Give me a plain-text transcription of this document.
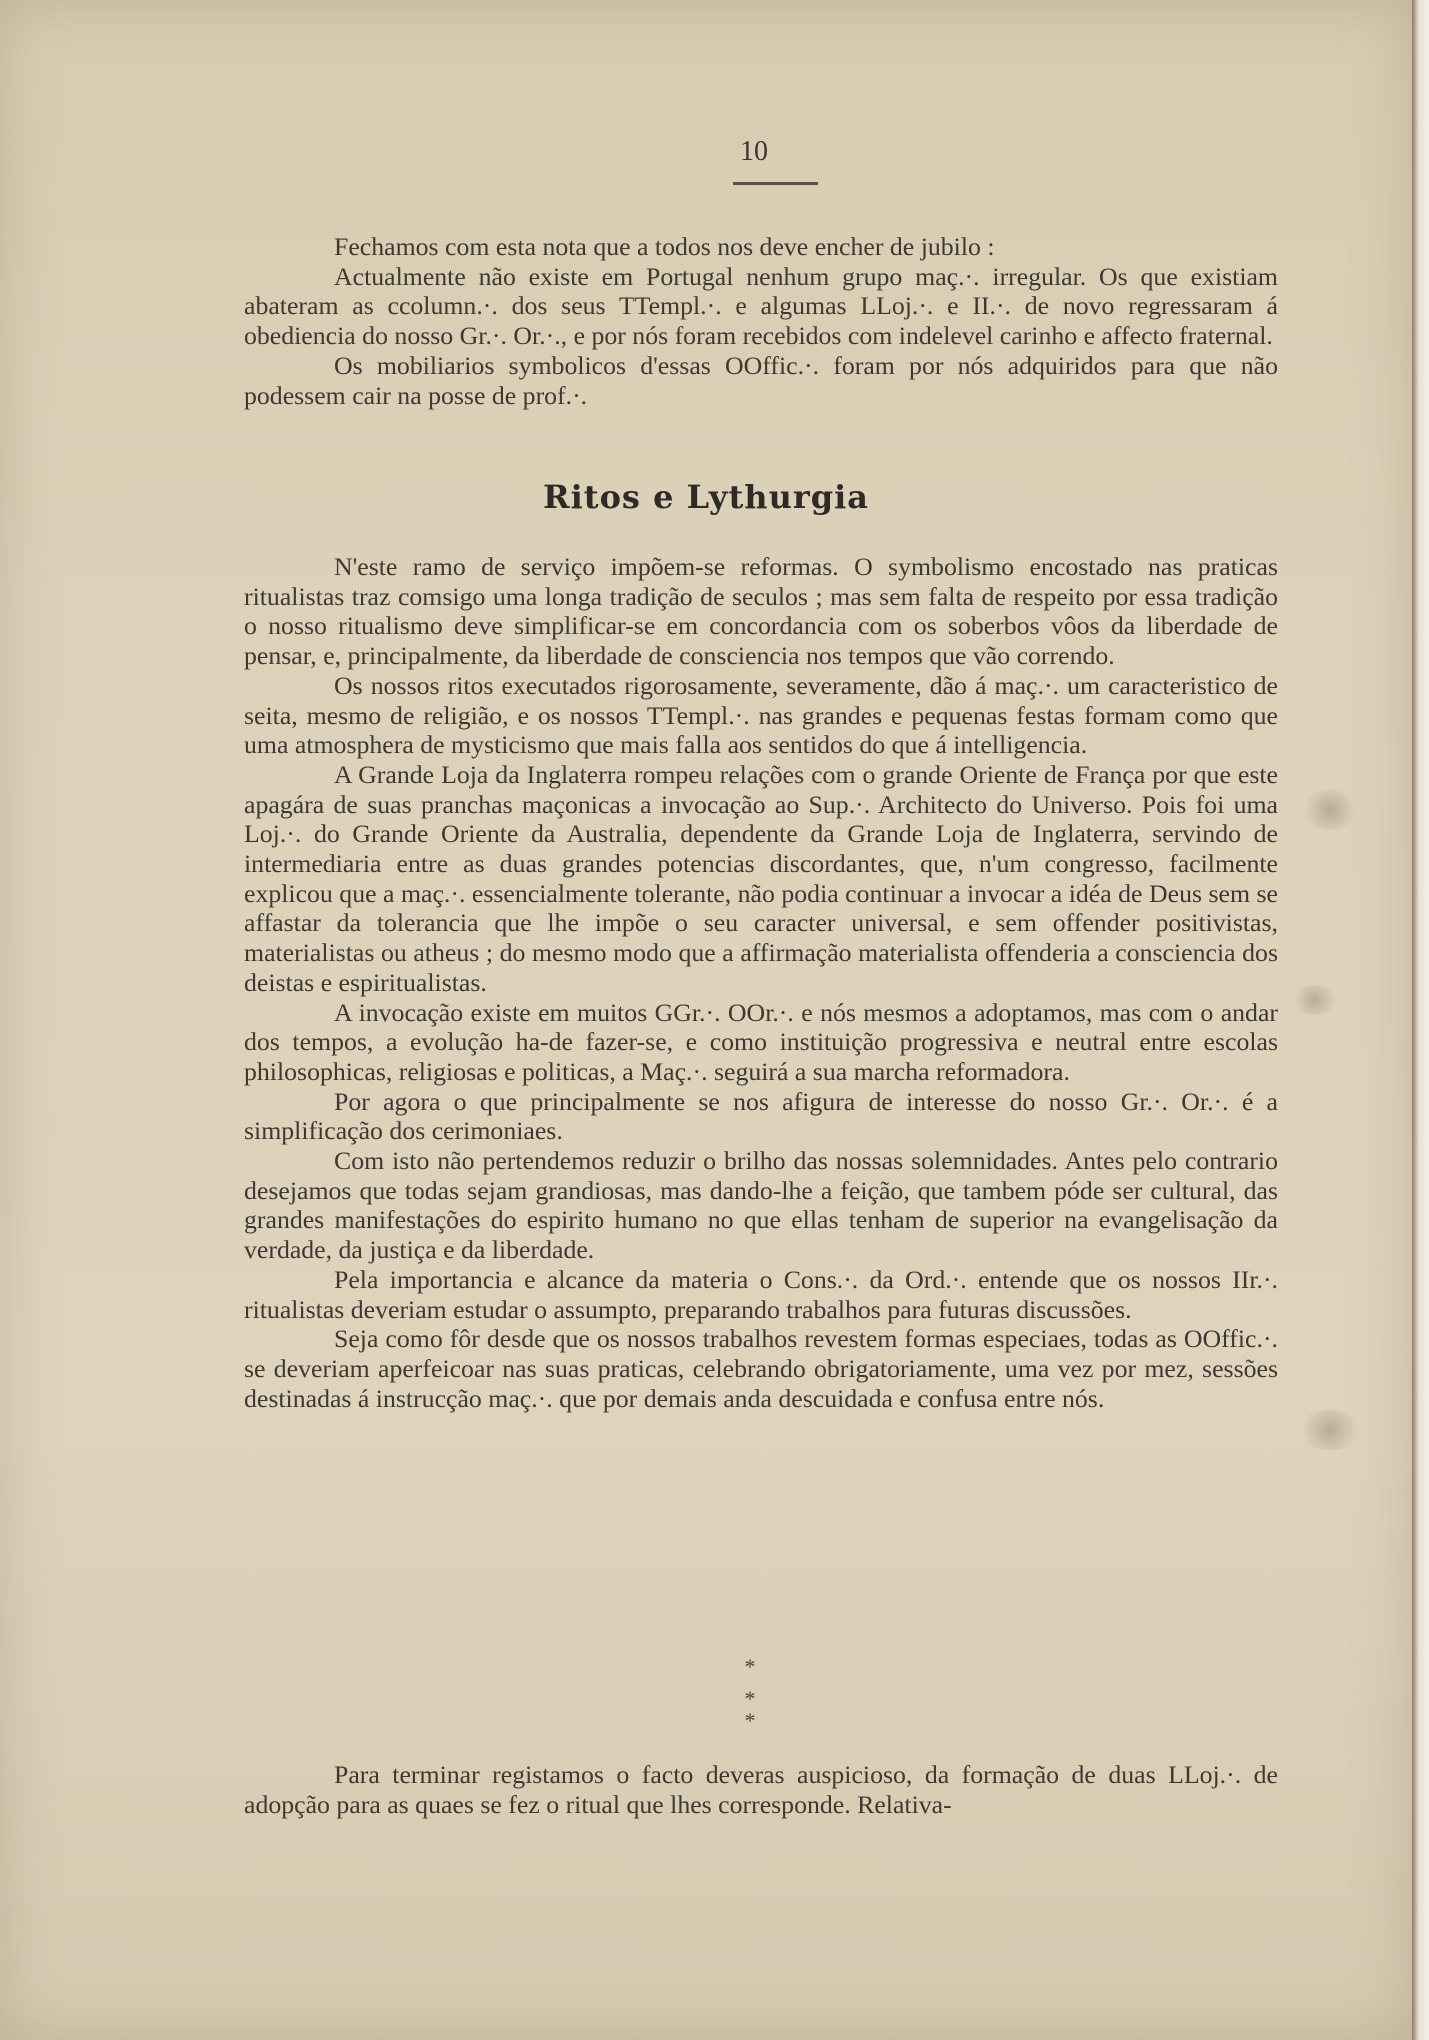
10

Fechamos com esta nota que a todos nos deve encher de jubilo :

Actualmente não existe em Portugal nenhum grupo maç.·. irregular. Os que existiam abateram as ccolumn.·. dos seus TTempl.·. e algumas LLoj.·. e II.·. de novo regressaram á obediencia do nosso Gr.·. Or.·., e por nós foram recebidos com indelevel carinho e affecto fraternal.

Os mobiliarios symbolicos d'essas OOffic.·. foram por nós adquiridos para que não podessem cair na posse de prof.·.

Ritos e Lythurgia

N'este ramo de serviço impõem-se reformas. O symbolismo encostado nas praticas ritualistas traz comsigo uma longa tradição de seculos ; mas sem falta de respeito por essa tradição o nosso ritualismo deve simplificar-se em concordancia com os soberbos vôos da liberdade de pensar, e, principalmente, da liberdade de consciencia nos tempos que vão correndo.

Os nossos ritos executados rigorosamente, severamente, dão á maç.·. um caracteristico de seita, mesmo de religião, e os nossos TTempl.·. nas grandes e pequenas festas formam como que uma atmosphera de mysticismo que mais falla aos sentidos do que á intelligencia.

A Grande Loja da Inglaterra rompeu relações com o grande Oriente de França por que este apagára de suas pranchas maçonicas a invocação ao Sup.·. Architecto do Universo. Pois foi uma Loj.·. do Grande Oriente da Australia, dependente da Grande Loja de Inglaterra, servindo de intermediaria entre as duas grandes potencias discordantes, que, n'um congresso, facilmente explicou que a maç.·. essencialmente tolerante, não podia continuar a invocar a idéa de Deus sem se affastar da tolerancia que lhe impõe o seu caracter universal, e sem offender positivistas, materialistas ou atheus ; do mesmo modo que a affirmação materialista offenderia a consciencia dos deistas e espiritualistas.

A invocação existe em muitos GGr.·. OOr.·. e nós mesmos a adoptamos, mas com o andar dos tempos, a evolução ha-de fazer-se, e como instituição progressiva e neutral entre escolas philosophicas, religiosas e politicas, a Maç.·. seguirá a sua marcha reformadora.

Por agora o que principalmente se nos afigura de interesse do nosso Gr.·. Or.·. é a simplificação dos cerimoniaes.

Com isto não pertendemos reduzir o brilho das nossas solemnidades. Antes pelo contrario desejamos que todas sejam grandiosas, mas dando-lhe a feição, que tambem póde ser cultural, das grandes manifestações do espirito humano no que ellas tenham de superior na evangelisação da verdade, da justiça e da liberdade.

Pela importancia e alcance da materia o Cons.·. da Ord.·. entende que os nossos IIr.·. ritualistas deveriam estudar o assumpto, preparando trabalhos para futuras discussões.

Seja como fôr desde que os nossos trabalhos revestem formas especiaes, todas as OOffic.·. se deveriam aperfeicoar nas suas praticas, celebrando obrigatoriamente, uma vez por mez, sessões destinadas á instrucção maç.·. que por demais anda descuidada e confusa entre nós.

*
* *

Para terminar registamos o facto deveras auspicioso, da formação de duas LLoj.·. de adopção para as quaes se fez o ritual que lhes corresponde. Relativa-
